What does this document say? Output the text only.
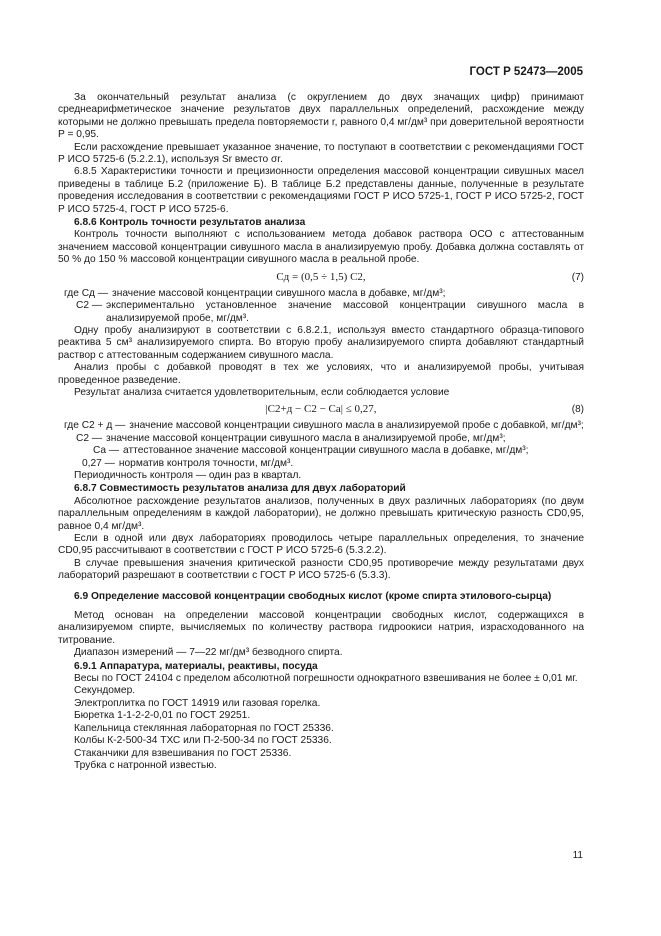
ГОСТ Р 52473—2005

За окончательный результат анализа (с округлением до двух значащих цифр) принимают среднеарифметическое значение результатов двух параллельных определений, расхождение между которыми не должно превышать предела повторяемости r, равного 0,4 мг/дм³ при доверительной вероятности P = 0,95.

Если расхождение превышает указанное значение, то поступают в соответствии с рекомендациями ГОСТ Р ИСО 5725-6 (5.2.2.1), используя Sr вместо σr.

6.8.5 Характеристики точности и прецизионности определения массовой концентрации сивушных масел приведены в таблице Б.2 (приложение Б). В таблице Б.2 представлены данные, полученные в результате проведения исследования в соответствии с рекомендациями ГОСТ Р ИСО 5725-1, ГОСТ Р ИСО 5725-2, ГОСТ Р ИСО 5725-4, ГОСТ Р ИСО 5725-6.

6.8.6 Контроль точности результатов анализа

Контроль точности выполняют с использованием метода добавок раствора ОСО с аттестованным значением массовой концентрации сивушного масла в анализируемую пробу. Добавка должна составлять от 50 % до 150 % массовой концентрации сивушного масла в реальной пробе.

Cд = (0,5 ÷ 1,5) C2,	(7)
где Cд — значение массовой концентрации сивушного масла в добавке, мг/дм³;
C2 — экспериментально установленное значение массовой концентрации сивушного масла в анализируемой пробе, мг/дм³.

Одну пробу анализируют в соответствии с 6.8.2.1, используя вместо стандартного образца-типового реактива 5 см³ анализируемого спирта. Во вторую пробу анализируемого спирта добавляют стандартный раствор с аттестованным содержанием сивушного масла.

Анализ пробы с добавкой проводят в тех же условиях, что и анализируемой пробы, учитывая проведенное разведение.

Результат анализа считается удовлетворительным, если соблюдается условие

|C2+д − C2 − Cа| ≤ 0,27,	(8)
где C2 + д — значение массовой концентрации сивушного масла в анализируемой пробе с добавкой, мг/дм³;
C2 — значение массовой концентрации сивушного масла в анализируемой пробе, мг/дм³;
Cа — аттестованное значение массовой концентрации сивушного масла в добавке, мг/дм³;
0,27 — норматив контроля точности, мг/дм³.

Периодичность контроля — один раз в квартал.

6.8.7 Совместимость результатов анализа для двух лабораторий

Абсолютное расхождение результатов анализов, полученных в двух различных лабораториях (по двум параллельным определениям в каждой лаборатории), не должно превышать критическую разность CD0,95, равное 0,4 мг/дм³.

Если в одной или двух лабораториях проводилось четыре параллельных определения, то значение CD0,95 рассчитывают в соответствии с ГОСТ Р ИСО 5725-6 (5.3.2.2).

В случае превышения значения критической разности CD0,95 противоречие между результатами двух лабораторий разрешают в соответствии с ГОСТ Р ИСО 5725-6 (5.3.3).

6.9 Определение массовой концентрации свободных кислот (кроме спирта этилового-сырца)

Метод основан на определении массовой концентрации свободных кислот, содержащихся в анализируемом спирте, вычисляемых по количеству раствора гидроокиси натрия, израсходованного на титрование.

Диапазон измерений — 7—22 мг/дм³ безводного спирта.

6.9.1 Аппаратура, материалы, реактивы, посуда

Весы по ГОСТ 24104 с пределом абсолютной погрешности однократного взвешивания не более ± 0,01 мг.

Секундомер.

Электроплитка по ГОСТ 14919 или газовая горелка.

Бюретка 1-1-2-2-0,01 по ГОСТ 29251.

Капельница стеклянная лабораторная по ГОСТ 25336.

Колбы К-2-500-34 ТХС или П-2-500-34 по ГОСТ 25336.

Стаканчики для взвешивания по ГОСТ 25336.

Трубка с натронной известью.

11
